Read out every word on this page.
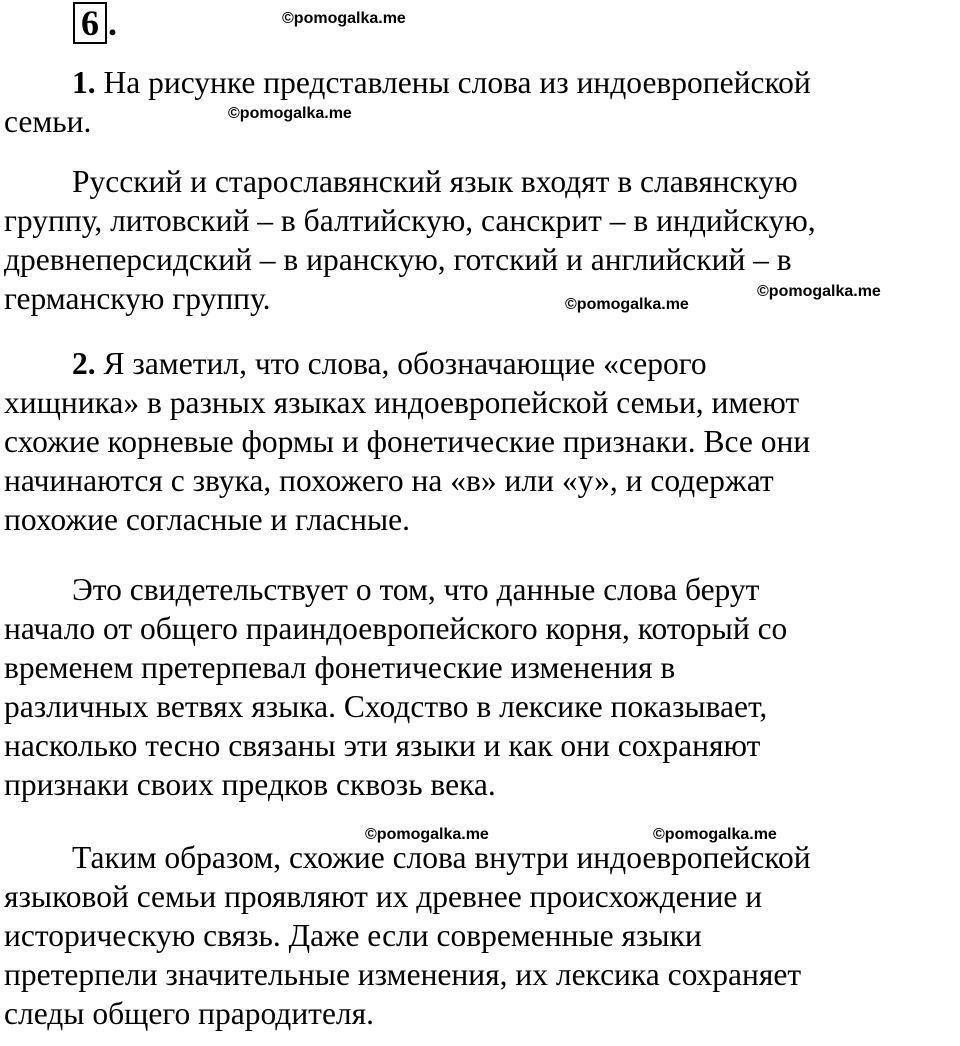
6 .	©pomogalka.me

1. На рисунке представлены слова из индоевропейской
семьи.	©pomogalka.me

Русский и старославянский язык входят в славянскую
группу, литовский – в балтийскую, санскрит – в индийскую,
древнеперсидский – в иранскую, готский и английский – в
германскую группу.	©pomogalka.me
©pomogalka.me

2. Я заметил, что слова, обозначающие «серого
хищника» в разных языках индоевропейской семьи, имеют
схожие корневые формы и фонетические признаки. Все они
начинаются с звука, похожего на «в» или «у», и содержат
похожие согласные и гласные.

Это свидетельствует о том, что данные слова берут
начало от общего праиндоевропейского корня, который со
временем претерпевал фонетические изменения в
различных ветвях языка. Сходство в лексике показывает,
насколько тесно связаны эти языки и как они сохраняют
признаки своих предков сквозь века.

©pomogalka.me	©pomogalka.me

Таким образом, схожие слова внутри индоевропейской
языковой семьи проявляют их древнее происхождение и
историческую связь. Даже если современные языки
претерпели значительные изменения, их лексика сохраняет
следы общего прародителя.
